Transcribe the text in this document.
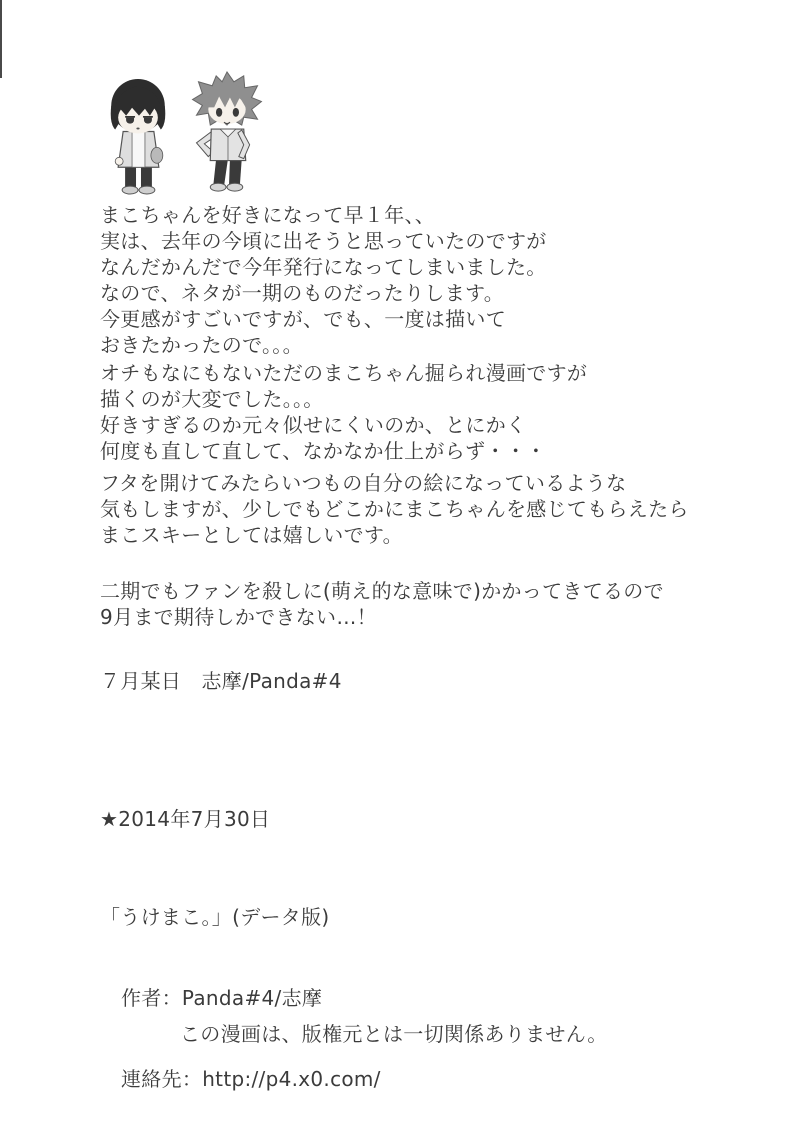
まこちゃんを好きになって早１年、、
実は、去年の今頃に出そうと思っていたのですが
なんだかんだで今年発行になってしまいました。
なので、ネタが一期のものだったりします。
今更感がすごいですが、でも、一度は描いて
おきたかったので。。。
オチもなにもないただのまこちゃん掘られ漫画ですが
描くのが大変でした。。。
好きすぎるのか元々似せにくいのか、とにかく
何度も直して直して、なかなか仕上がらず・・・
フタを開けてみたらいつもの自分の絵になっているような
気もしますが、少しでもどこかにまこちゃんを感じてもらえたら
まこスキーとしては嬉しいです。
二期でもファンを殺しに(萌え的な意味で)かかってきてるので
9月まで期待しかできない…！
７月某日　志摩/Panda#4
★2014年7月30日

「うけまこ。」(データ版)

作者：Panda#4/志摩

連絡先：http://p4.x0.com/

この漫画は、版権元とは一切関係ありません。
